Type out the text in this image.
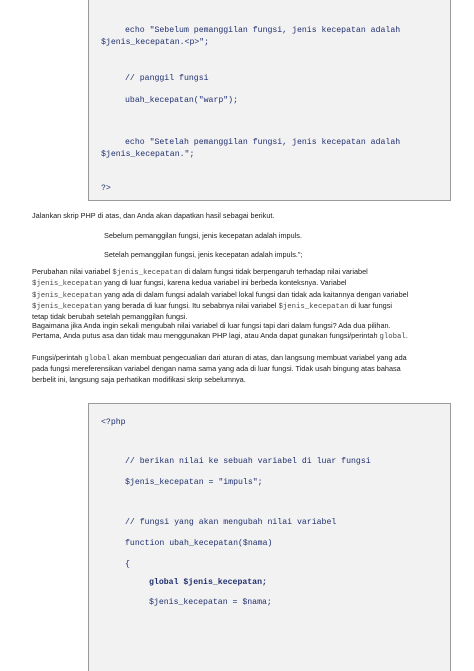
echo "Sebelum pemanggilan fungsi, jenis kecepatan adalah
$jenis_kecepatan.<p>";
// panggil fungsi
ubah_kecepatan("warp");
echo "Setelah pemanggilan fungsi, jenis kecepatan adalah
$jenis_kecepatan.";
?>
Jalankan skrip PHP di atas, dan Anda akan dapatkan hasil sebagai berikut.
Sebelum pemanggilan fungsi, jenis kecepatan adalah impuls.
Setelah pemanggilan fungsi, jenis kecepatan adalah impuls.";

Perubahan nilai variabel $jenis_kecepatan di dalam fungsi tidak berpengaruh terhadap nilai variabel

$jenis_kecepatan yang di luar fungsi, karena kedua variabel ini berbeda konteksnya. Variabel

$jenis_kecepatan yang ada di dalam fungsi adalah variabel lokal fungsi dan tidak ada kaitannya dengan variabel

$jenis_kecepatan yang berada di luar fungsi. Itu sebabnya nilai variabel $jenis_kecepatan di luar fungsi

tetap tidak berubah setelah pemanggilan fungsi.

Bagaimana jika Anda ingin sekali mengubah nilai variabel di luar fungsi tapi dari dalam fungsi? Ada dua pilihan.

Pertama, Anda putus asa dan tidak mau menggunakan PHP lagi, atau Anda dapat gunakan fungsi/perintah global.

Fungsi/perintah global akan membuat pengecualian dari aturan di atas, dan langsung membuat variabel yang ada

pada fungsi mereferensikan variabel dengan nama sama yang ada di luar fungsi. Tidak usah bingung atas bahasa

berbelit ini, langsung saja perhatikan modifikasi skrip sebelumnya.

<?php
// berikan nilai ke sebuah variabel di luar fungsi
$jenis_kecepatan = "impuls";
// fungsi yang akan mengubah nilai variabel
function ubah_kecepatan($nama)
{
global $jenis_kecepatan;
$jenis_kecepatan = $nama;
